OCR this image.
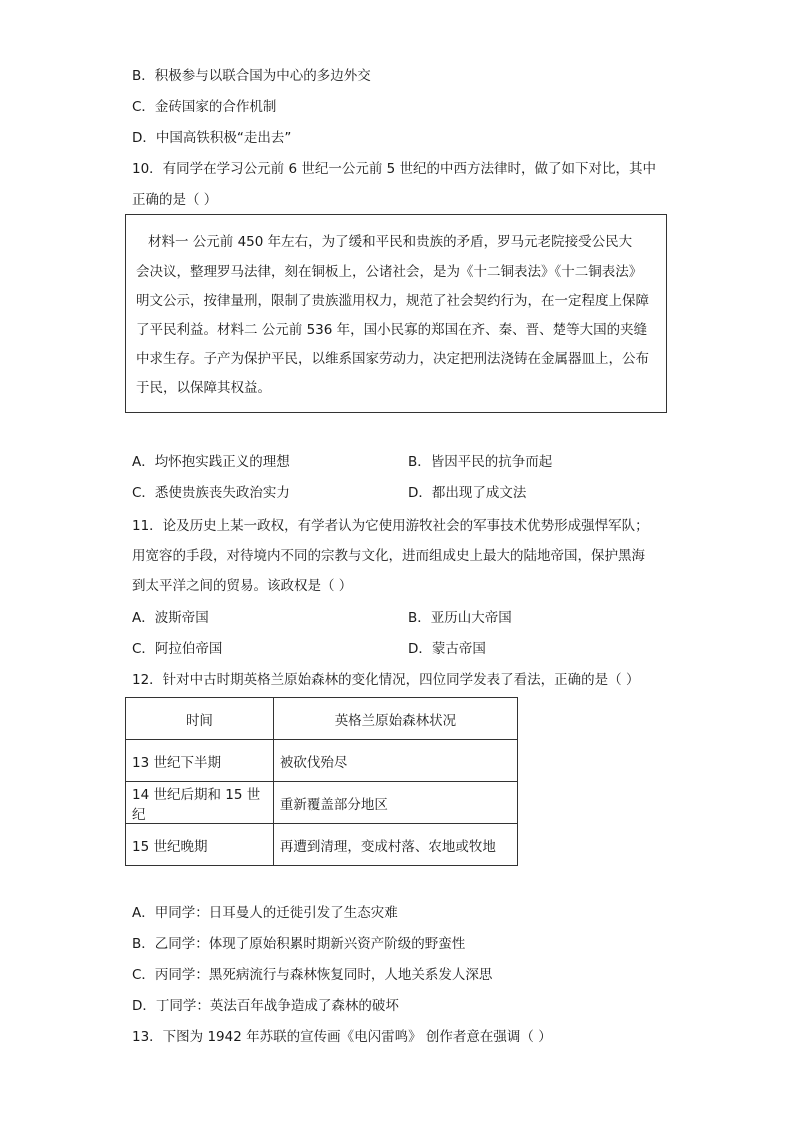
B．积极参与以联合国为中心的多边外交
C．金砖国家的合作机制
D．中国高铁积极“走出去”
10．有同学在学习公元前 6 世纪一公元前 5 世纪的中西方法律时，做了如下对比，其中
正确的是（ ）
材料一 公元前 450 年左右，为了缓和平民和贵族的矛盾，罗马元老院接受公民大
会决议，整理罗马法律，刻在铜板上，公诸社会，是为《十二铜表法》《十二铜表法》
明文公示，按律量刑，限制了贵族滥用权力，规范了社会契约行为，在一定程度上保障
了平民利益。材料二 公元前 536 年，国小民寡的郑国在齐、秦、晋、楚等大国的夹缝
中求生存。子产为保护平民，以维系国家劳动力，决定把刑法浇铸在金属器皿上，公布
于民，以保障其权益。
A．均怀抱实践正义的理想	B．皆因平民的抗争而起
C．悉使贵族丧失政治实力	D．都出现了成文法
11．论及历史上某一政权，有学者认为它使用游牧社会的军事技术优势形成强悍军队；
用宽容的手段，对待境内不同的宗教与文化，进而组成史上最大的陆地帝国，保护黑海
到太平洋之间的贸易。该政权是（ ）
A．波斯帝国	B．亚历山大帝国
C．阿拉伯帝国	D．蒙古帝国
12．针对中古时期英格兰原始森林的变化情况，四位同学发表了看法，正确的是（ ）
时间	英格兰原始森林状况
13 世纪下半期	被砍伐殆尽
14 世纪后期和 15 世纪	重新覆盖部分地区
15 世纪晚期	再遭到清理，变成村落、农地或牧地
A．甲同学：日耳曼人的迁徙引发了生态灾难
B．乙同学：体现了原始积累时期新兴资产阶级的野蛮性
C．丙同学：黑死病流行与森林恢复同时，人地关系发人深思
D．丁同学：英法百年战争造成了森林的破坏
13．下图为 1942 年苏联的宣传画《电闪雷鸣》 创作者意在强调（ ）
